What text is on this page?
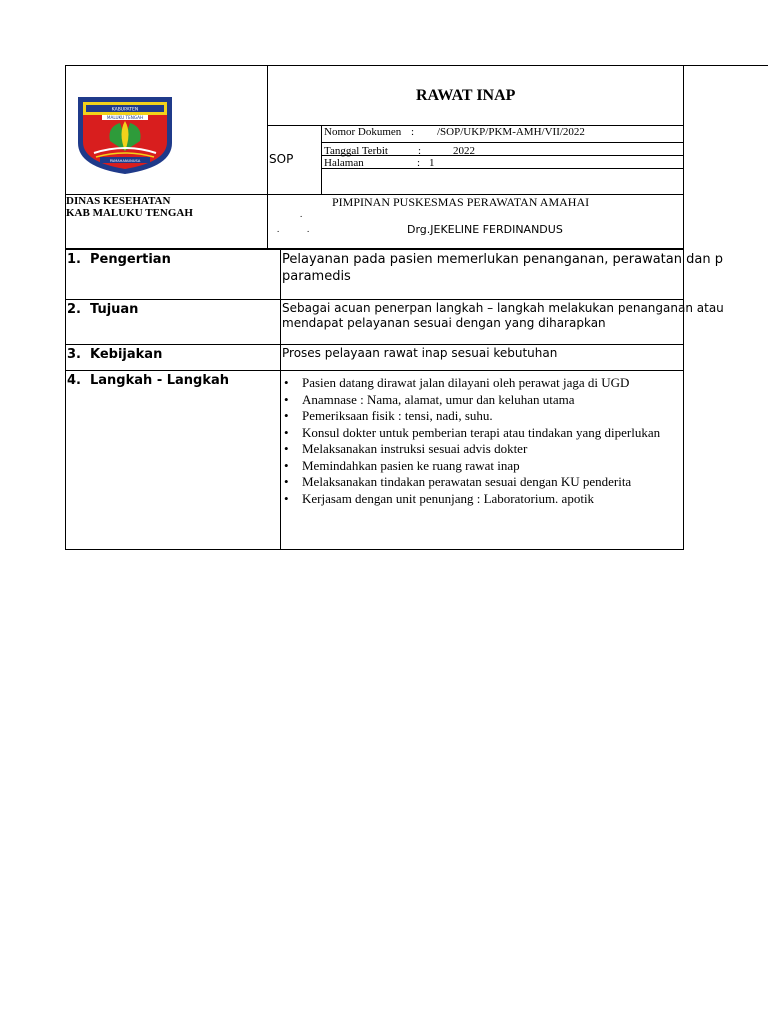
KABUPATEN
MALUKU TENGAH
PAMAHANUNUSA
RAWAT INAP
SOP
Nomor Dokumen : /SOP/UKP/PKM-AMH/VII/2022
Tanggal Terbit	:	2022
Halaman	: 1
DINAS KESEHATAN
KAB MALUKU TENGAH
PIMPINAN PUSKESMAS PERAWATAN AMAHAI
.
.	.	Drg.JEKELINE FERDINANDUS
1. Pengertian	Pelayanan pada pasien memerlukan penanganan, perawatan dan p
paramedis
2. Tujuan	Sebagai acuan penerpan langkah – langkah melakukan penanganan atau
mendapat pelayanan sesuai dengan yang diharapkan
3. Kebijakan	Proses pelayaan rawat inap sesuai kebutuhan
4. Langkah - Langkah
•	Pasien datang dirawat jalan dilayani oleh perawat jaga di UGD
• Anamnase : Nama, alamat, umur dan keluhan utama
• Pemeriksaan fisik : tensi, nadi, suhu.
• Konsul dokter untuk pemberian terapi atau tindakan yang diperlukan
• Melaksanakan instruksi sesuai advis dokter
• Memindahkan pasien ke ruang rawat inap
• Melaksanakan tindakan perawatan sesuai dengan KU penderita
• Kerjasam dengan unit penunjang : Laboratorium. apotik
